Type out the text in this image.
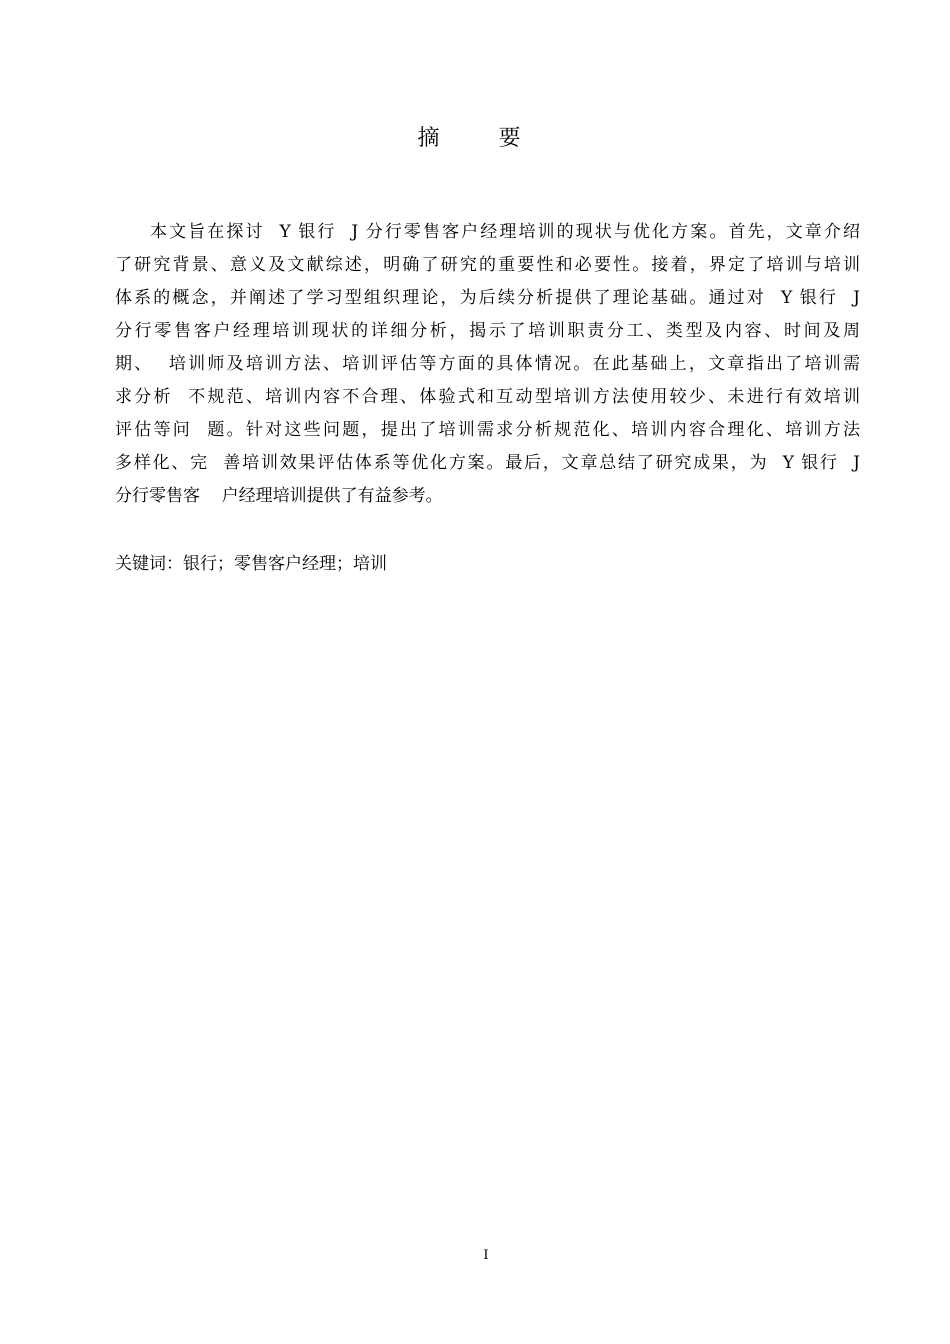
摘 要
本文旨在探讨  Y 银行  J 分行零售客户经理培训的现状与优化方案。首先，文章介绍
了研究背景、意义及文献综述，明确了研究的重要性和必要性。接着，界定了培训与培训
体系的概念，并阐述了学习型组织理论，为后续分析提供了理论基础。通过对  Y 银行  J
分行零售客户经理培训现状的详细分析，揭示了培训职责分工、类型及内容、时间及周
期、  培训师及培训方法、培训评估等方面的具体情况。在此基础上，文章指出了培训需
求分析  不规范、培训内容不合理、体验式和互动型培训方法使用较少、未进行有效培训
评估等问  题。针对这些问题，提出了培训需求分析规范化、培训内容合理化、培训方法
多样化、完  善培训效果评估体系等优化方案。最后，文章总结了研究成果，为  Y 银行  J
分行零售客    户经理培训提供了有益参考。
关键词：银行；零售客户经理；培训
I
